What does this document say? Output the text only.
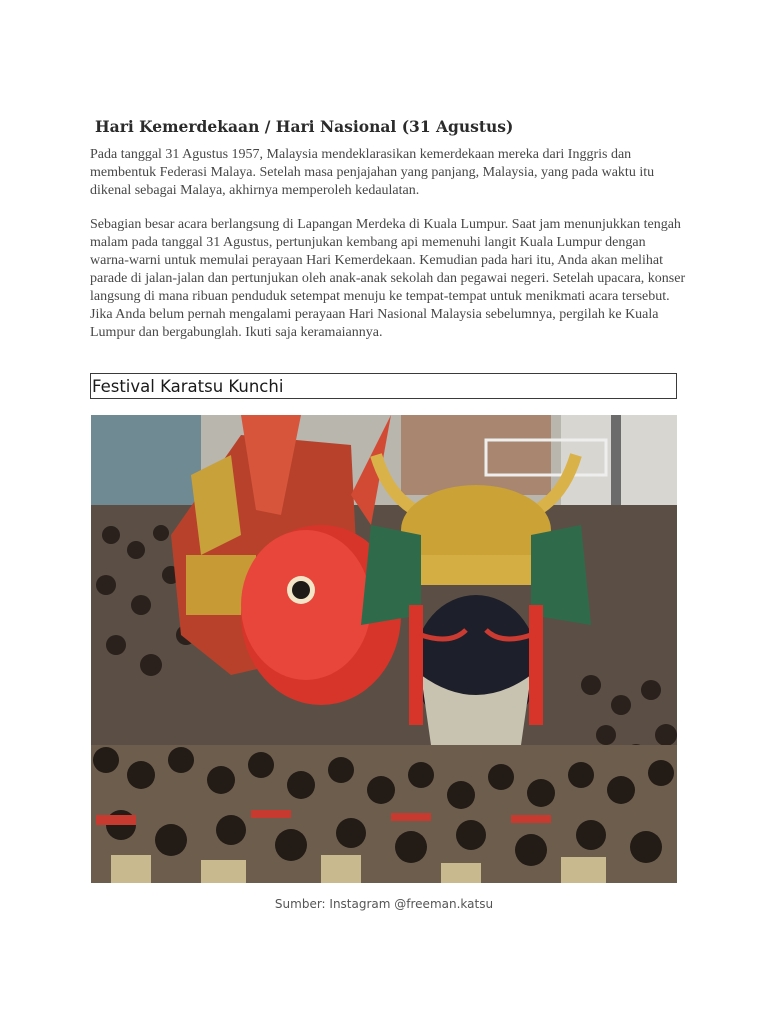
Hari Kemerdekaan / Hari Nasional (31 Agustus)

Pada tanggal 31 Agustus 1957, Malaysia mendeklarasikan kemerdekaan mereka dari Inggris dan membentuk Federasi Malaya. Setelah masa penjajahan yang panjang, Malaysia, yang pada waktu itu dikenal sebagai Malaya, akhirnya memperoleh kedaulatan.

Sebagian besar acara berlangsung di Lapangan Merdeka di Kuala Lumpur. Saat jam menunjukkan tengah malam pada tanggal 31 Agustus, pertunjukan kembang api memenuhi langit Kuala Lumpur dengan warna-warni untuk memulai perayaan Hari Kemerdekaan. Kemudian pada hari itu, Anda akan melihat parade di jalan-jalan dan pertunjukan oleh anak-anak sekolah dan pegawai negeri. Setelah upacara, konser langsung di mana ribuan penduduk setempat menuju ke tempat-tempat untuk menikmati acara tersebut. Jika Anda belum pernah mengalami perayaan Hari Nasional Malaysia sebelumnya, pergilah ke Kuala Lumpur dan bergabunglah. Ikuti saja keramaiannya.

Festival Karatsu Kunchi
Sumber: Instagram @freeman.katsu
